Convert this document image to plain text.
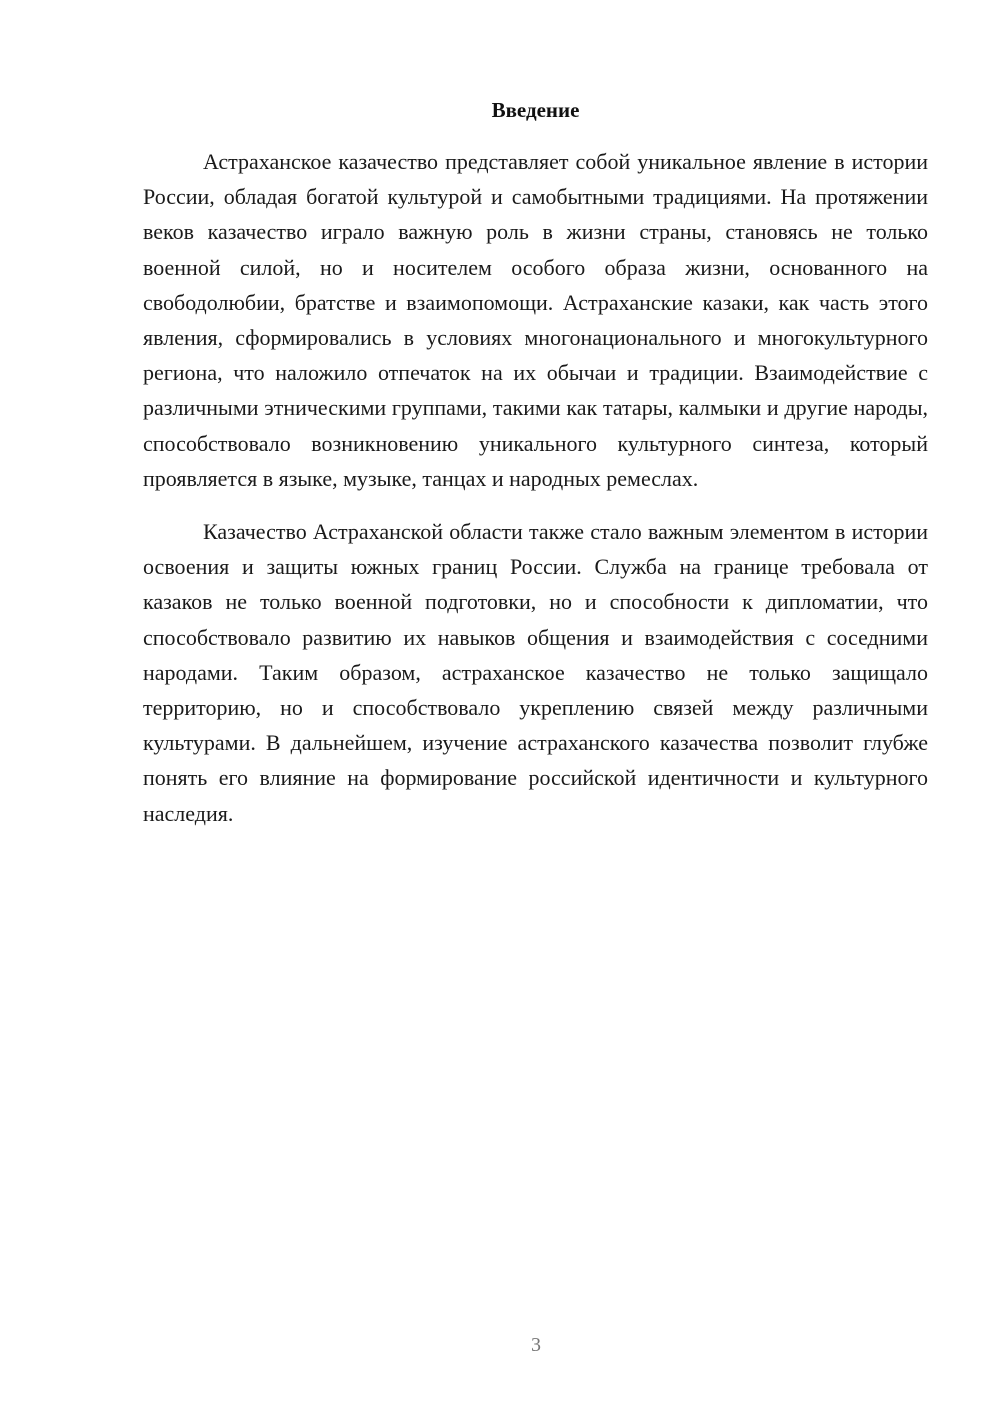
Введение

Астраханское казачество представляет собой уникальное явление в истории России, обладая богатой культурой и самобытными традициями. На протяжении веков казачество играло важную роль в жизни страны, становясь не только военной силой, но и носителем особого образа жизни, основанного на свободолюбии, братстве и взаимопомощи. Астраханские казаки, как часть этого явления, сформировались в условиях многонационального и многокультурного региона, что наложило отпечаток на их обычаи и традиции. Взаимодействие с различными этническими группами, такими как татары, калмыки и другие народы, способствовало возникновению уникального культурного синтеза, который проявляется в языке, музыке, танцах и народных ремеслах.

Казачество Астраханской области также стало важным элементом в истории освоения и защиты южных границ России. Служба на границе требовала от казаков не только военной подготовки, но и способности к дипломатии, что способствовало развитию их навыков общения и взаимодействия с соседними народами. Таким образом, астраханское казачество не только защищало территорию, но и способствовало укреплению связей между различными культурами. В дальнейшем, изучение астраханского казачества позволит глубже понять его влияние на формирование российской идентичности и культурного наследия.

3
